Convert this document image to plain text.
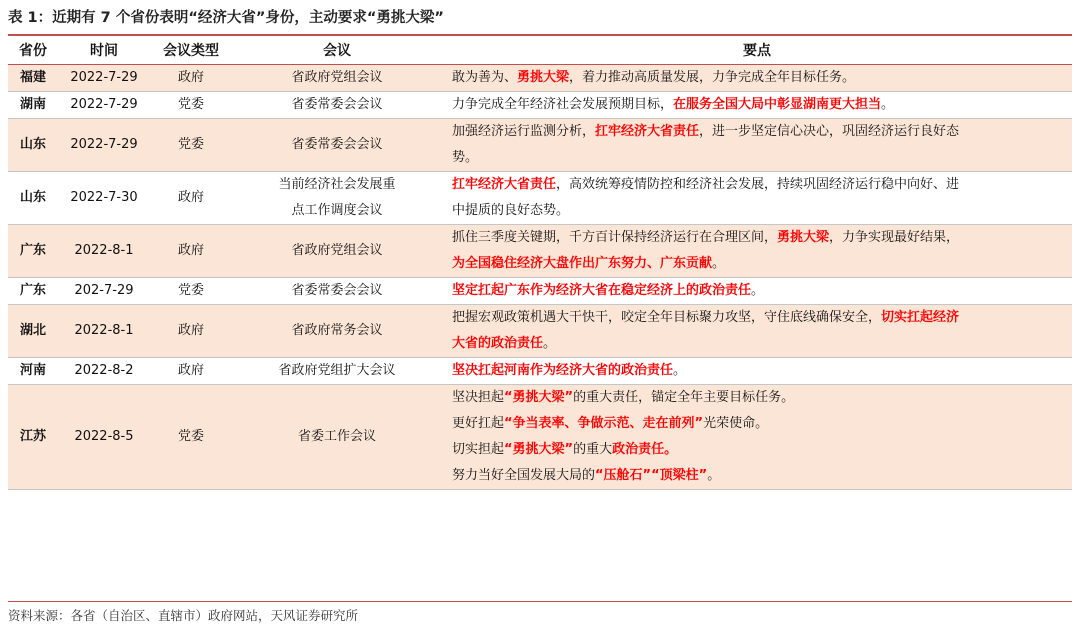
表 1：近期有 7 个省份表明“经济大省”身份，主动要求“勇挑大梁”
省份	时间	会议类型	会议	要点
福建	2022-7-29	政府	省政府党组会议	敢为善为、勇挑大梁，着力推动高质量发展，力争完成全年目标任务。

湖南	2022-7-29	党委	省委常委会会议	力争完成全年经济社会发展预期目标，在服务全国大局中彰显湖南更大担当。

山东	2022-7-29	党委	省委常委会会议	加强经济运行监测分析，扛牢经济大省责任，进一步坚定信心决心，巩固经济运行良好态
势。

山东	2022-7-30	政府	当前经济社会发展重
点工作调度会议	扛牢经济大省责任，高效统筹疫情防控和经济社会发展，持续巩固经济运行稳中向好、进
中提质的良好态势。

广东	2022-8-1	政府	省政府党组会议	抓住三季度关键期，千方百计保持经济运行在合理区间，勇挑大梁，力争实现最好结果，
为全国稳住经济大盘作出广东努力、广东贡献。

广东	202-7-29	党委	省委常委会会议	坚定扛起广东作为经济大省在稳定经济上的政治责任。

湖北	2022-8-1	政府	省政府常务会议	把握宏观政策机遇大干快干，咬定全年目标聚力攻坚，守住底线确保安全，切实扛起经济
大省的政治责任。

河南	2022-8-2	政府	省政府党组扩大会议	坚决扛起河南作为经济大省的政治责任。

江苏	2022-8-5	党委	省委工作会议	坚决担起“勇挑大梁”的重大责任，锚定全年主要目标任务。
更好扛起“争当表率、争做示范、走在前列”光荣使命。
切实担起“勇挑大梁”的重大政治责任。
努力当好全国发展大局的“压舱石”“顶梁柱”。
资料来源：各省（自治区、直辖市）政府网站，天风证券研究所
